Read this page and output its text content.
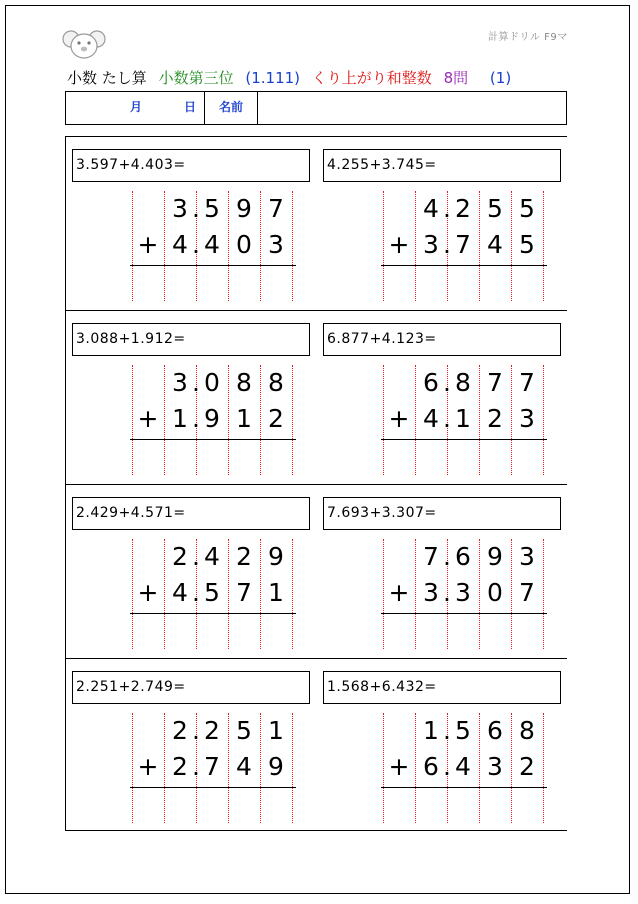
計算ドリル F9マ
小数 たし算 小数第三位 (1.111) くり上がり和整数 8問 (1)
月	日	名前
3.597+4.403=
3 5 9 7
.
4 4 0 3
.
+
4.255+3.745=
4 2 5 5
.
3 7 4 5
.
+
3.088+1.912=
3 0 8 8
.
1 9 1 2
.
+
6.877+4.123=
6 8 7 7
.
4 1 2 3
.
+
2.429+4.571=
2 4 2 9
.
4 5 7 1
.
+
7.693+3.307=
7 6 9 3
.
3 3 0 7
.
+
2.251+2.749=
2 2 5 1
.
2 7 4 9
.
+
1.568+6.432=
1 5 6 8
.
6 4 3 2
.
+
